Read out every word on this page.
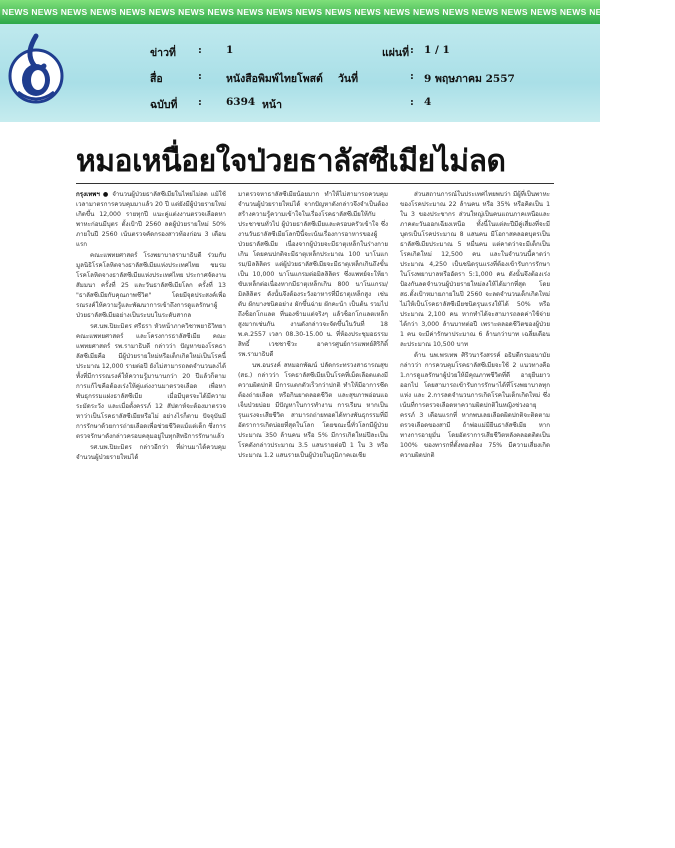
NEWS NEWS NEWS NEWS NEWS NEWS NEWS NEWS NEWS NEWS NEWS NEWS NEWS NEWS NEWS NEWS NEWS NEWS NEWS NEWS NEWS NEWS NEWS
ข่าวที่ : 1	แผ่นที่ : 1 / 1
สื่อ	: หนังสือพิมพ์ไทยโพสต์ วันที่	: 9 พฤษภาคม 2557
ฉบับที่ : 6394 หน้า	: 4
หมอเหนื่อยใจป่วยธาลัสซีเมียไม่ลด

กรุงเทพฯ ● จำนวนผู้ป่วยธาลัสซีเมียในไทยไม่ลด แม้ใช้เวลามาตรการควบคุมมาแล้ว 20 ปี แต่ยังมีผู้ป่วยรายใหม่เกิดขึ้น 12,000 รายทุกปี แนะคู่แต่งงานตรวจเลือดหาพาหะก่อนมีบุตร ตั้งเป้าปี 2560 ลดผู้ป่วยรายใหม่ 50% ภายในปี 2560 เน้นตรวจคัดกรองสาวท้องก่อน 3 เดือนแรก

คณะแพทยศาสตร์ โรงพยาบาลรามาธิบดี ร่วมกับมูลนิธิโรคโลหิตจางธาลัสซีเมียแห่งประเทศไทย ชมรมโรคโลหิตจางธาลัสซีเมียแห่งประเทศไทย ประกาศจัดงานสัมมนา ครั้งที่ 25 และวันธาลัสซีเมียโลก ครั้งที่ 13 "ธาลัสซีเมียกับคุณภาพชีวิต" โดยมีจุดประสงค์เพื่อรณรงค์ให้ความรู้และพัฒนาการเข้าถึงการดูแลรักษาผู้ป่วยธาลัสซีเมียอย่างเป็นระบบในระดับสากล

รศ.นพ.ปิยะมิตร ศรีธรา หัวหน้าภาควิชาพยาธิวิทยา คณะแพทยศาสตร์ และโครงการธาลัสซีเมีย คณะแพทยศาสตร์ รพ.รามาธิบดี กล่าวว่า ปัญหาของโรคธาลัสซีเมียคือ มีผู้ป่วยรายใหม่หรือเด็กเกิดใหม่เป็นโรคนี้ประมาณ 12,000 รายต่อปี ยังไม่สามารถลดจำนวนลงได้ ทั้งที่มีการรณรงค์ให้ความรู้มานานกว่า 20 ปีแล้วก็ตาม การแก้ไขคือต้องเร่งให้คู่แต่งงานมาตรวจเลือด เพื่อหาพันธุกรรมแฝงธาลัสซีเมีย เมื่อมีบุตรจะได้มีความระมัดระวัง และเมื่อตั้งครรภ์ 12 สัปดาห์จะต้องมาตรวจหาว่าเป็นโรคธาลัสซีเมียหรือไม่ อย่างไรก็ตาม ปัจจุบันมีการรักษาด้วยการถ่ายเลือดเพื่อช่วยชีวิตแม้แต่เด็ก ซึ่งการตรวจรักษาดังกล่าวครอบคลุมอยู่ในทุกสิทธิการรักษาแล้ว

รศ.นพ.ปิยะมิตร กล่าวอีกว่า ที่ผ่านมาได้ควบคุมจำนวนผู้ป่วยรายใหม่ได้

มาตรวจหาธาลัสซีเมียน้อยมาก ทำให้ไม่สามารถควบคุมจำนวนผู้ป่วยรายใหม่ได้ จากปัญหาดังกล่าวจึงจำเป็นต้องสร้างความรู้ความเข้าใจในเรื่องโรคธาลัสซีเมียให้กับประชาชนทั่วไป ผู้ป่วยธาลัสซีเมียและครอบครัวเข้าใจ ซึ่งงานวันธาลัสซีเมียโลกปีนี้จะเน้นเรื่องการอาหารของผู้ป่วยธาลัสซีเมีย เนื่องจากผู้ป่วยจะมีธาตุเหล็กในร่างกายเกิน โดยคนปกติจะมีธาตุเหล็กประมาณ 100 นาโนแกรม/มิลลิลิตร แต่ผู้ป่วยธาลัสซีเมียจะมีธาตุเหล็กเกินถึงขั้นเป็น 10,000 นาโนแกรมต่อมิลลิลิตร ซึ่งแพทย์จะให้ยาขับเหล็กต่อเนื่องหากมีธาตุเหล็กเกิน 800 นาโนแกรม/มิลลิลิตร ดังนั้นจึงต้องระวังอาหารที่มีธาตุเหล็กสูง เช่น ตับ ผักบางชนิดอย่าง ผักขึ้นฉ่าย ผักคะน้า เป็นต้น รวมไปถึงช็อกโกแลต ที่นองช้ามแต่จริงๆ แล้วช็อกโกแลตเหล็กสูงมากเช่นกัน งานดังกล่าวจะจัดขึ้นในวันที่ 18 พ.ค.2557 เวลา 08.30-15.00 น. ที่ห้องประชุมอธรรมสิทธิ์ เวชชาชีวะ อาคารศูนย์การแพทย์สิริกิติ์ รพ.รามาธิบดี

นพ.อนรงค์ สหมอกพัฒน์ ปลัดกระทรวงสาธารณสุข (สธ.) กล่าวว่า โรคธาลัสซีเมียเป็นโรคที่เม็ดเลือดแดงมีความผิดปกติ มีการแตกตัวเร็วกว่าปกติ ทำให้มีอาการซีด ต้องถ่ายเลือด หรือกินยาตลอดชีวิต และสุขภาพอ่อนแอ เจ็บป่วยบ่อย มีปัญหาในการทำงาน การเรียน หากเป็นรุนแรงจะเสียชีวิต สามารถถ่ายทอดได้ทางพันธุกรรมที่มีอัตราการเกิดบ่อยที่สุดในโลก โดยขณะนี้ทั่วโลกมีผู้ป่วยประมาณ 350 ล้านคน หรือ 5% มีการเกิดใหม่ปีละเป็นโรคดังกล่าวประมาณ 3.5 แสนรายต่อปี 1 ใน 3 หรือประมาณ 1.2 แสนรายเป็นผู้ป่วยในภูมิภาคเอเชีย

ส่วนสถานการณ์ในประเทศไทยพบว่า มีผู้ที่เป็นพาหะของโรคประมาณ 22 ล้านคน หรือ 35% หรือคิดเป็น 1 ใน 3 ของประชากร ส่วนใหญ่เป็นคนแถบภาคเหนือและภาคตะวันออกเฉียงเหนือ ทั้งนี้ในแต่ละปีมีคู่เสี่ยงที่จะมีบุตรเป็นโรคประมาณ 8 แสนคน มีโอกาสคลอดบุตรเป็นธาลัสซีเมียประมาณ 5 หมื่นคน แต่คาดว่าจะมีเด็กเป็นโรคเกิดใหม่ 12,500 คน และในจำนวนนี้คาดว่าประมาณ 4,250 เป็นชนิดรุนแรงที่ต้องเข้ารับการรักษาในโรงพยาบาลหรืออัตรา 5:1,000 คน ดังนั้นจึงต้องเร่งป้องกันลดจำนวนผู้ป่วยรายใหม่ลงให้ได้มากที่สุด โดย สธ.ตั้งเป้าหมายภายในปี 2560 จะลดจำนวนเด็กเกิดใหม่ไม่ให้เป็นโรคธาลัสซีเมียชนิดรุนแรงให้ได้ 50% หรือประมาณ 2,100 คน หากทำได้จะสามารถลดค่าใช้จ่ายได้กว่า 3,000 ล้านบาทต่อปี เพราะตลอดชีวิตของผู้ป่วย 1 คน จะมีค่ารักษาประมาณ 6 ล้านกว่าบาท เฉลี่ยเดือนละประมาณ 10,500 บาท

ด้าน นพ.พรเทพ ศิริวนารังสรรค์ อธิบดีกรมอนามัย กล่าวว่า การควบคุมโรคธาลัสซีเมียจะใช้ 2 แนวทางคือ 1.การดูแลรักษาผู้ป่วยให้มีคุณภาพชีวิตที่ดี อายุยืนยาวออกไป โดยสามารถเข้ารับการรักษาได้ที่โรงพยาบาลทุกแห่ง และ 2.การลดจำนวนการเกิดโรคในเด็กเกิดใหม่ ซึ่งเน้นที่การตรวจเลือดหาความผิดปกติในหญิงช่วงอายุครรภ์ 3 เดือนแรกที่ หากพบเลยเลือดผิดปกติจะติดตามตรวจเลือดของสามี ถ้าพ่อแม่มียีนธาลัสซีเมีย หากทางการอายุมั่น โดยอัตราการเสียชีวิตหลังคลอดติดเป็น 100% ของทารกที่ตั้งทองท้อง 75% มีความเสี่ยงเกิดความผิดปกติ
